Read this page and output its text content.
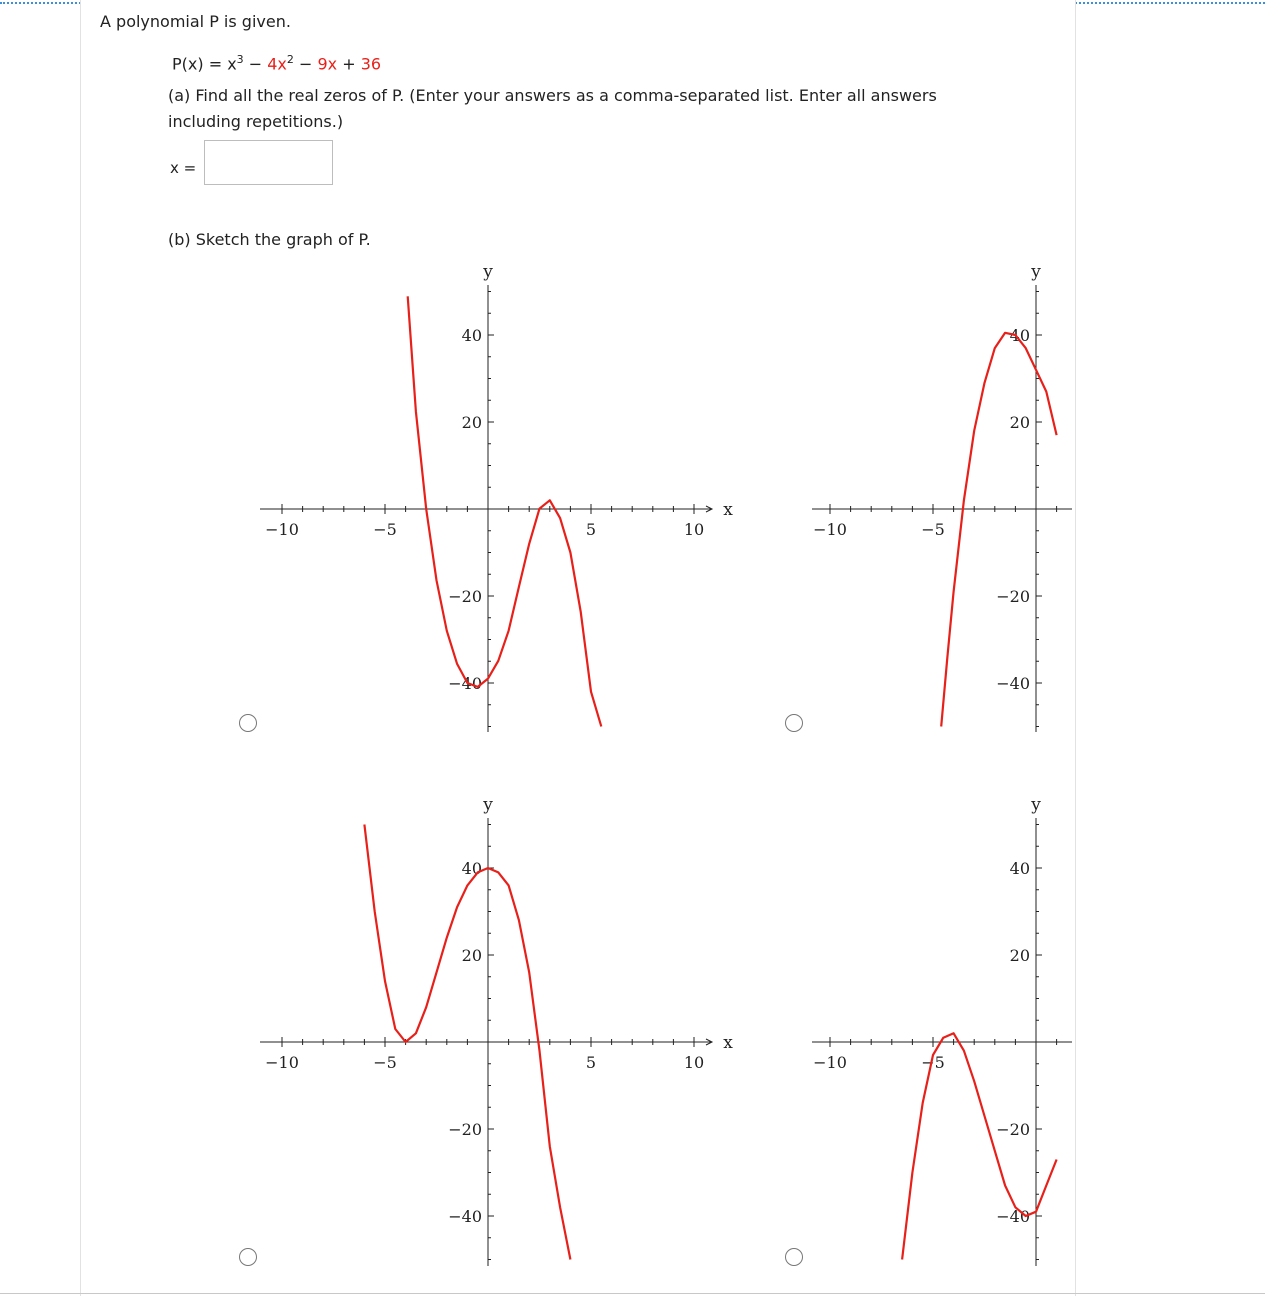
A polynomial P is given.
$P(x) = x^3 - 4x^2 - 9x + 36$
(a) Find all the real zeros of P. (Enter your answers as a comma-separated list. Enter all answers
including repetitions.)
x =
(b) Sketch the graph of P.
−10	−5	5	10
40
20
−20
−40
y
x
−10	−5
40
20
−20
−40
y
−10	−5	5	10
40
20
−20
−40
y
x
−10	−5
40
20
−20
−40
y
